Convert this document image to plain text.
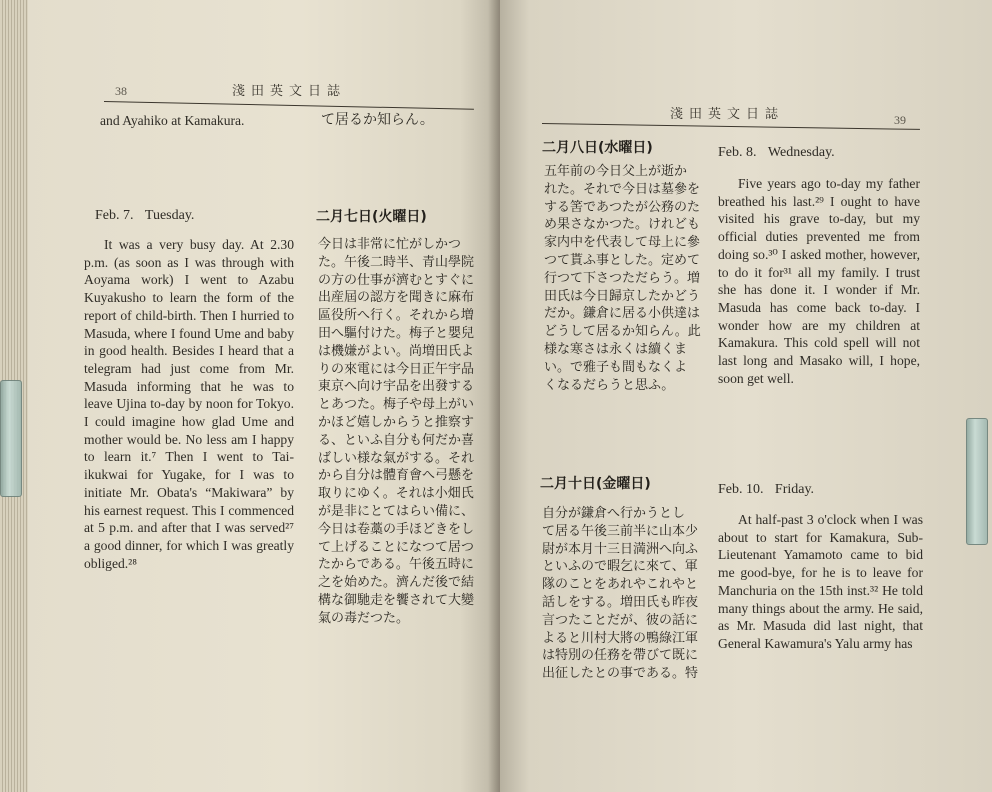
38	淺田英文日誌
and Ayahiko at Kamakura.	て居るか知らん。
Feb. 7. Tuesday.

It was a very busy day. At 2.30 p.m. (as soon as I was through with Aoyama work) I went to Azabu Kuyakusho to learn the form of the report of child-birth. Then I hurried to Masuda, where I found Ume and baby in good health. Besides I heard that a telegram had just come from Mr. Masuda informing that he was to leave Ujina to-day by noon for Tokyo. I could imagine how glad Ume and mother would be. No less am I happy to learn it.⁷ Then I went to Tai-ikukwai for Yugake, for I was to initiate Mr. Obata's “Makiwara” by his earnest request. This I commenced at 5 p.m. and after that I was served²⁷ a good dinner, for which I was greatly obliged.²⁸

二月七日(火曜日)
今日は非常に忙がしかつ
た。午後二時半、青山學院
の方の仕事が濟むとすぐに
出産屆の認方を聞きに麻布
區役所へ行く。それから増
田へ驅付けた。梅子と嬰兒
は機嫌がよい。尚増田氏よ
りの來電には今日正午宇品
東京へ向け宇品を出發する
とあつた。梅子や母上がい
かほど嬉しからうと推察す
る、といふ自分も何だか喜
ばしい様な氣がする。それ
から自分は體育會へ弓懸を
取りにゆく。それは小畑氏
が是非にとてはらい備に、
今日は卷藁の手ほどきをし
て上げることになつて居つ
たからである。午後五時に
之を始めた。濟んだ後で結
構な御馳走を饗されて大變
氣の毒だつた。
淺田英文日誌	39
二月八日(水曜日)
五年前の今日父上が逝か
れた。それで今日は墓參を
する筈であつたが公務のた
め果さなかつた。けれども
家内中を代表して母上に參
つて貰ふ事とした。定めて
行つて下さつただらう。増
田氏は今日歸京したかどう
だか。鎌倉に居る小供達は
どうして居るか知らん。此
様な寒さは永くは續くま
い。で雅子も間もなくよ
くなるだらうと思ふ。
Feb. 8. Wednesday.

Five years ago to-day my father breathed his last.²⁹ I ought to have visited his grave to-day, but my official duties prevented me from doing so.³⁰ I asked mother, however, to do it for³¹ all my family. I trust she has done it. I wonder if Mr. Masuda has come back to-day. I wonder how are my children at Kamakura. This cold spell will not last long and Masako will, I hope, soon get well.

二月十日(金曜日)
自分が鎌倉へ行かうとし
て居る午後三前半に山本少
尉が本月十三日満洲へ向ふ
といふので暇乞に來て、軍
隊のことをあれやこれやと
話しをする。増田氏も昨夜
言つたことだが、彼の話に
よると川村大將の鴨綠江軍
は特別の任務を帶びて既に
出征したとの事である。特
Feb. 10. Friday.

At half-past 3 o'clock when I was about to start for Kamakura, Sub-Lieutenant Yamamoto came to bid me good-bye, for he is to leave for Manchuria on the 15th inst.³² He told many things about the army. He said, as Mr. Masuda did last night, that General Kawamura's Yalu army has
